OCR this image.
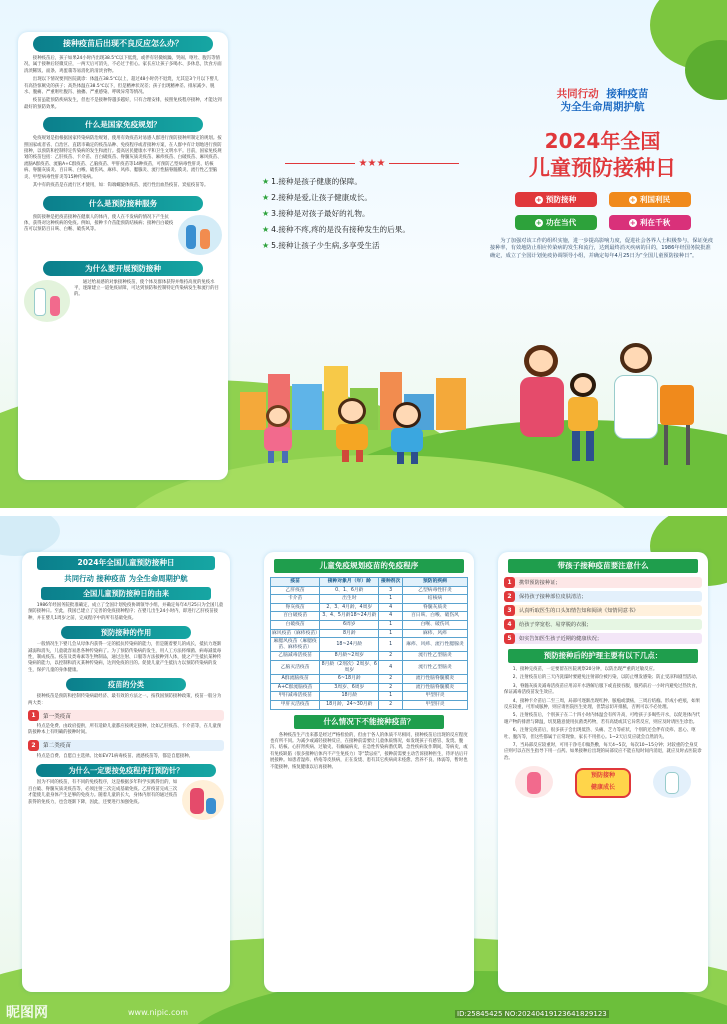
接种疫苗后出现不良反应怎么办？

接种疫苗后，孩子如果24小时内出现38.5℃以下低烧，或伴有轻微烦躁、哭闹、呕吐、腹泻等情况，属于接种后轻微反应，一两天后可消失，不必过于担心。家长应让孩子多喝水、多休息，饮食方面清淡稀饭、面条、鸡蛋羹等易消化的清淡食物。

出现以下情况要到医院就诊：体温在38.5℃以上，超过48小时仍不退烧，尤其是3个月以下婴儿有高热惊厥史的孩子；高热体温在38.5℃以下，但是精神状况差；孩子出现精神差、排尿减少、脱水、腹痛、严重呕吐腹泻、抽搐、严重感染、呼吸异常等情况。

疫苗虽能预防疾病发生，但也不是接种得越多越好，只有合理安排，按照免疫程序接种，才能达到最好的预防效果。

什么是国家免疫规划？

免疫规划是指根据国家传染病防治规划，使用有效疫苗对易感人群进行预防接种所制定的规划。按照国家或者省、自治区、直辖市确定的疫苗品种、免疫程序或者接种方案，在人群中有计划地进行预防接种，以预防和控制特定传染病的发生和流行。提高居民健康水平和卫生文明水平。目前，国家免疫规划的疫苗包括：乙肝疫苗、卡介苗、百白破疫苗、脊髓灰质炎疫苗、麻疹疫苗、白破疫苗、麻风疫苗、流脑A群疫苗、流脑A+C群疫苗、乙脑疫苗、甲肝疫苗等14种疫苗，可预防乙型病毒性肝炎、结核病、脊髓灰质炎、百日咳、白喉、破伤风、麻疹、风疹、腮腺炎、流行性脑脊髓膜炎、流行性乙型脑炎、甲型病毒性肝炎等15种传染病。

其中有的疫苗是在流行区才使用，如：钩端螺旋体疫苗、流行性出血热疫苗、炭疽疫苗等。

什么是预防接种服务

预防接种是把疫苗接种在健康人的体内，使人在不发病的情况下产生抗体，获得对这种疾病的免疫。例如，接种卡介苗能预防结核病；接种百白破疫苗可以预防百日咳、白喉、破伤风等。

为什么要开展预防接种

通过给易感的对象接种疫苗，使个体及群体获得并维持高度的免疫水平，逐渐建立一道免疫屏障，可达到预防和控制特定传染病发生和流行的目的。

★★★
★ 1.接种是孩子健康的保障。
★ 2.接种是爱,让孩子健康成长。
★ 3.接种是对孩子最好的礼物。
★ 4.接种不疼,疼的是没有接种发生的后果。
★ 5.接种让孩子少生病,多享受生活
共同行动 接种疫苗
为全生命周期护航
2024年全国
儿童预防接种日
+ 预防接种	+ 利国利民
+ 功在当代	+ 利在千秋

为了加强对该工作的组织实施，进一步提高影响力度，促进社会各界人士积极参与，保证免疫接种率，有效地防止相应传染病的发生和流行，达到最终消灭疾病的目的，1986年经国务院批准确定，成立了全国计划免疫协调领导小组，并确定每年4月25日为“全国儿童预防接种日”。

2024年全国儿童预防接种日
共同行动 接种疫苗 为全生命周期护航
全国儿童预防接种日的由来

1986年经国务院批准确定，成立了全国计划免疫协调领导小组，并确定每年4月25日为全国儿童预防接种日。至此，我国已建立了完善的免疫接种程序；在婴儿出生24小时内，即进行乙肝疫苗接种，并在婴儿1周岁之前，完成程序中的所有基础免疫。

预防接种的作用

一般情况生下婴儿会从母体内获得一定的抵抗传染病的能力，但是随着婴儿的成长，抵抗力逐渐减弱和消失，儿童就容易患各种传染病了。为了预防传染病的发生，用人工方法将细菌、病毒减低毒性，制成疫苗。疫苗及类毒素等生物制品，通过注射、口服等方法接种到人体，使之产生抵抗某种传染病的能力，以控制和消灭某种传染病，达到免疫的目的。促使儿童产生抵抗力以预防传染病的发生，保护儿童的身体健康。

疫苗的分类

接种疫苗是预防和控制传染病最经济、最有效的方法之一。按我国预防接种政策，疫苗一般分为两大类：

1	第一类疫苗

特点是免费、由政府提供，所有适龄儿童都应按规定接种，比如乙肝疫苗、卡介苗等，在儿童预防接种本上有明确的接种时间。

2	第二类疫苗

特点是自费、自愿自主选择。比如EV71病毒疫苗、流感疫苗等，都是自愿接种。

为什么一定要按免疫程序打预防针？

因为不同的疫苗，有不同的免疫程序，这是根据多年科学实践得出的，如百白破、脊髓灰质炎疫苗等，必须注射三次完成基础免疫。乙肝疫苗完成三次才能使儿童身体产生足够的免疫力。随着儿童的长大，身体内原有的通过疫苗获得的免疫力，也会逐渐下降，因此，还要进行加强免疫。

儿童免疫规划疫苗的免疫程序
疫苗	接种对象月（年）龄	接种剂次	预防的疾病
乙肝疫苗	0、1、6月龄	3	乙型病毒性肝炎
卡介苗	出生时	1	结核病
脊灰疫苗	2、3、4月龄，4周岁	4	脊髓灰质炎
百白破疫苗	3、4、5月龄18~24月龄	4	百日咳、白喉、破伤风
白破疫苗	6周岁	1	白喉、破伤风
麻风疫苗（麻疹疫苗）	8月龄	1	麻疹、风疹
麻腮风疫苗（麻腮疫苗、麻疹疫苗）	18~24月龄	1	麻疹、风疹、流行性腮腺炎
乙脑减毒活疫苗	8月龄~2周岁	2	流行性乙型脑炎
乙脑灭活疫苗	8月龄（2剂次）2周岁、6周岁	4	流行性乙型脑炎
A群流脑疫苗	6~18月龄	2	流行性脑脊髓膜炎
A+C群流脑疫苗	3周岁、6周岁	2	流行性脑脊髓膜炎
甲肝减毒活疫苗	18月龄	1	甲型肝炎
甲肝灭活疫苗	18月龄，24~30月龄	2	甲型肝炎
什么情况下不能接种疫苗？

各种疫苗生产出来都是经过严格检验的，但由于各人的体质不尽相同，接种疫苗后出现的反应程度也有所不同。为减少或减轻接种反应，在接种前需要让儿童体质情况，如发现孩子有感冒、发烧、腹泻、结核、心肝肾疾病、过敏史、有癫痫病史，在急性传染病潜伏期、急性疾病发作期间，等病史，或有免疫缺陷（很多接种后体内不产生免疫力）等“禁忌症”，接种前需要主动告诉接种医生，待评估后开展接种。如患者湿疹、疥疮等皮肤病，正在发烧、患有其它疾病尚未痊愈、营养不良、体弱等，暂时也不能接种，恢复健康以后再接种。

带孩子接种疫苗要注意什么
1	携带预防接种证；
2	保持孩子接种部位皮肤清洁；
3	认真听取医生的口头知情告知和阅读《知情同意书》
4	给孩子穿宽松、易穿脱的衣服；
5	如实告知医生孩子近期的健康状况；
预防接种后的护理主要有以下几点：

1、接种完疫苗，一定要留在医院观察20分钟，以防出现严重的过敏反应。

2、注射疫苗后的三天内洗澡时要避免注射部位被污染，以防止继发感染；防止受凉和剧烈活动。

3、脊髓灰质炎减毒活疫苗应用凉开水溶解后服下或直接吞服，服药前后一小时内避免过热饮食，保证减毒活疫苗发生效应。

4、接种卡介苗后二至三周，局部可逐渐出现红肿、脓疱或溃疡，三周后结痂。形成小疤痕，如果反应较重，可形成脓肿，则应请医院医生处理，但禁忌切开排脓，否则可以不必处理。

5、注射疫苗后，个别孩子在二十四小时内体温会有所升高，可给孩子多喝些开水，以促进体内代谢产物的排泄与降温，切莫随意使用抗菌类药物，若有高烧或其它异常反应，则应及时请医生诊治。

6、注射完疫苗后，很多孩子会出现低热、头痛、乏力等症状，个别的还会伴有皮疹、恶心、呕吐、腹泻等，但这些都属于正常现象，家长不用担心。1~2天后反应就会自然消失。

7、当局部反应较重时，可用干净毛巾做热敷，每天4~5次，每次10~15分钟；对较重的全身反应则可以在医生指导下用一点药。如果接种后出现的局部反应不能在短时间内消退，就应及时去医院诊治。

预防接种
健康成长
昵图网	www.nipic.com	ID:25845425 NO:20240419123641829123
